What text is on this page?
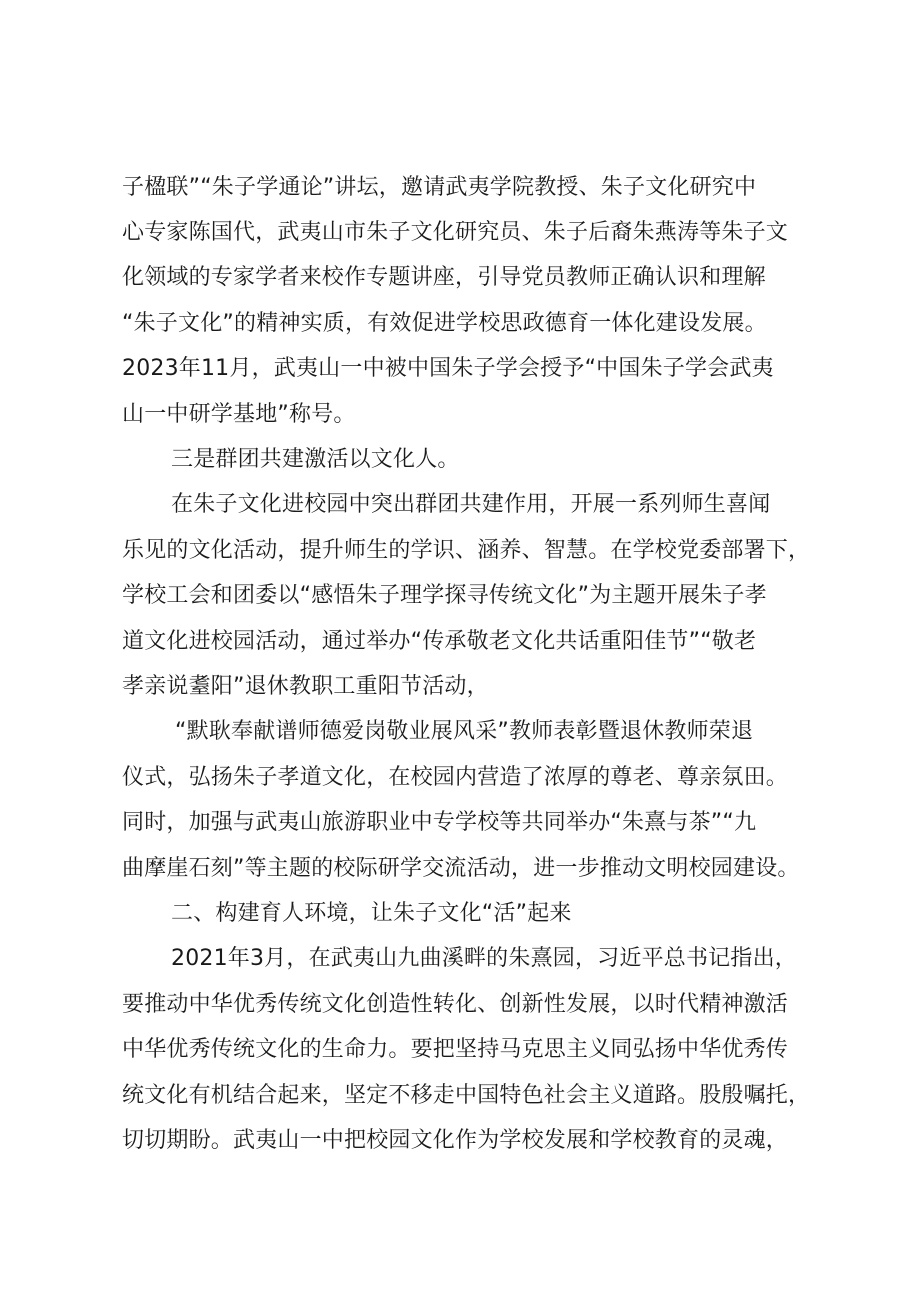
子楹联”“朱子学通论”讲坛，邀请武夷学院教授、朱子文化研究中
心专家陈国代，武夷山市朱子文化研究员、朱子后裔朱燕涛等朱子文
化领域的专家学者来校作专题讲座，引导党员教师正确认识和理解
“朱子文化”的精神实质，有效促进学校思政德育一体化建设发展。
2023年11月，武夷山一中被中国朱子学会授予“中国朱子学会武夷
山一中研学基地”称号。
三是群团共建激活以文化人。
在朱子文化进校园中突出群团共建作用，开展一系列师生喜闻
乐见的文化活动，提升师生的学识、涵养、智慧。在学校党委部署下，
学校工会和团委以“感悟朱子理学探寻传统文化”为主题开展朱子孝
道文化进校园活动，通过举办“传承敬老文化共话重阳佳节”“敬老
孝亲说耋阳”退休教职工重阳节活动，
“默耿奉献谱师德爱岗敬业展风采”教师表彰暨退休教师荣退
仪式，弘扬朱子孝道文化，在校园内营造了浓厚的尊老、尊亲氛田。
同时，加强与武夷山旅游职业中专学校等共同举办“朱熹与茶”“九
曲摩崖石刻”等主题的校际研学交流活动，进一步推动文明校园建设。
二、构建育人环境，让朱子文化“活”起来
2021年3月，在武夷山九曲溪畔的朱熹园，习近平总书记指出，
要推动中华优秀传统文化创造性转化、创新性发展，以时代精神激活
中华优秀传统文化的生命力。要把坚持马克思主义同弘扬中华优秀传
统文化有机结合起来，坚定不移走中国特色社会主义道路。股殷嘱托，
切切期盼。武夷山一中把校园文化作为学校发展和学校教育的灵魂，
